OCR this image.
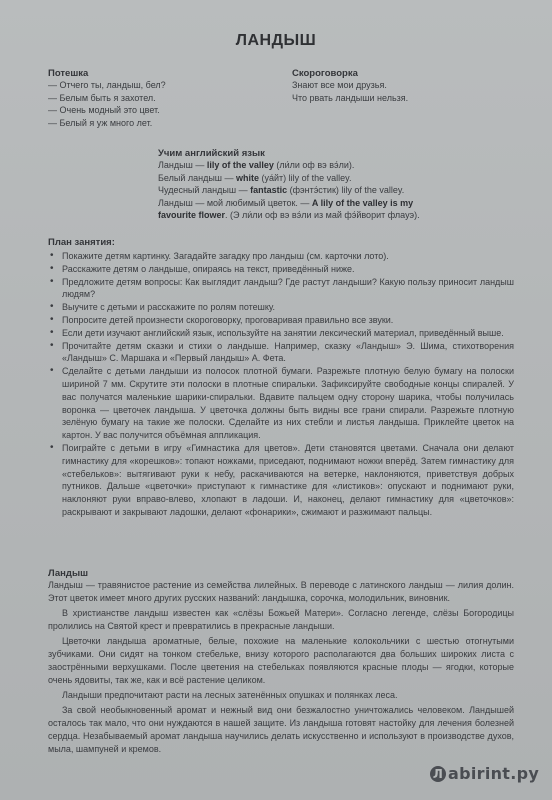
ЛАНДЫШ
Потешка
— Отчего ты, ландыш, бел?
— Белым быть я захотел.
— Очень модный это цвет.
— Белый я уж много лет.
Скороговорка
Знают все мои друзья.
Что рвать ландыши нельзя.
Учим английский язык
Ландыш — lily of the valley (ли́ли оф вэ вэ́ли).
Белый ландыш — white (уа́йт) lily of the valley.
Чудесный ландыш — fantastic (фэнтэ́стик) lily of the valley.
Ландыш — мой любимый цветок. — A lily of the valley is my
favourite flower. (Э ли́ли оф вэ вэ́ли из май фэ́йворит флауэ).
План занятия:
• Покажите детям картинку. Загадайте загадку про ландыш (см. карточки лото).
• Расскажите детям о ландыше, опираясь на текст, приведённый ниже.
• Предложите детям вопросы: Как выглядит ландыш? Где растут ландыши? Какую пользу приносит ландыш людям?
• Выучите с детьми и расскажите по ролям потешку.
• Попросите детей произнести скороговорку, проговаривая правильно все звуки.
• Если дети изучают английский язык, используйте на занятии лексический материал, приведённый выше.
• Прочитайте детям сказки и стихи о ландыше. Например, сказку «Ландыш» Э. Шима, стихотворения «Ландыш» С. Маршака и «Первый ландыш» А. Фета.
• Сделайте с детьми ландыши из полосок плотной бумаги. Разрежьте плотную белую бумагу на полоски шириной 7 мм. Скрутите эти полоски в плотные спиральки. Зафиксируйте свободные концы спиралей. У вас получатся маленькие шарики-спиральки. Вдавите пальцем одну сторону шарика, чтобы получилась воронка — цветочек ландыша. У цветочка должны быть видны все грани спирали. Разрежьте плотную зелёную бумагу на такие же полоски. Сделайте из них стебли и листья ландыша. Приклейте цветок на картон. У вас получится объёмная аппликация.
• Поиграйте с детьми в игру «Гимнастика для цветов». Дети становятся цветами. Сначала они делают гимнастику для «корешков»: топают ножками, приседают, поднимают ножки вперёд. Затем гимнастику для «стебельков»: вытягивают руки к небу, раскачиваются на ветерке, наклоняются, приветствуя добрых путников. Дальше «цветочки» приступают к гимнастике для «листиков»: опускают и поднимают руки, наклоняют руки вправо-влево, хлопают в ладоши. И, наконец, делают гимнастику для «цветочков»: раскрывают и закрывают ладошки, делают «фонарики», сжимают и разжимают пальцы.
Ландыш

Ландыш — травянистое растение из семейства лилейных. В переводе с латинского ландыш — лилия долин. Этот цветок имеет много других русских названий: ландышка, сорочка, молодильник, виновник.

В христианстве ландыш известен как «слёзы Божьей Матери». Согласно легенде, слёзы Богородицы пролились на Святой крест и превратились в прекрасные ландыши.

Цветочки ландыша ароматные, белые, похожие на маленькие колокольчики с шестью отогнутыми зубчиками. Они сидят на тонком стебельке, внизу которого располагаются два больших широких листа с заострёнными верхушками. После цветения на стебельках появляются красные плоды — ягодки, которые очень ядовиты, так же, как и всё растение целиком.

Ландыши предпочитают расти на лесных затенённых опушках и полянках леса.

За свой необыкновенный аромат и нежный вид они безжалостно уничтожались человеком. Ландышей осталось так мало, что они нуждаются в нашей защите. Из ландыша готовят настойку для лечения болезней сердца. Незабываемый аромат ландыша научились делать искусственно и используют в производстве духов, мыла, шампуней и кремов.

Л abirint.ру
